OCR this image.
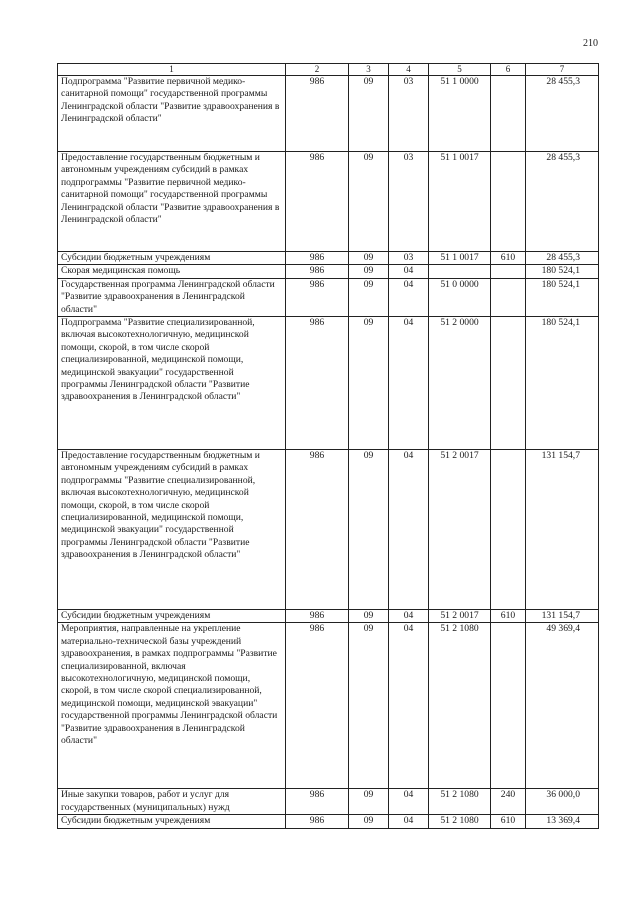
210
1	2	3	4	5	6	7
Подпрограмма "Развитие первичной медико-санитарной помощи" государственной программы Ленинградской области "Развитие здравоохранения в Ленинградской области"	986	09	03	51 1 0000		28 455,3
Предоставление государственным бюджетным и автономным учреждениям субсидий в рамках подпрограммы "Развитие первичной медико-санитарной помощи" государственной программы Ленинградской области "Развитие здравоохранения в Ленинградской области"	986	09	03	51 1 0017		28 455,3
Субсидии бюджетным учреждениям	986	09	03	51 1 0017	610	28 455,3
Скорая медицинская помощь	986	09	04			180 524,1
Государственная программа Ленинградской области "Развитие здравоохранения в Ленинградской области"	986	09	04	51 0 0000		180 524,1
Подпрограмма "Развитие специализированной, включая высокотехнологичную, медицинской помощи, скорой, в том числе скорой специализированной, медицинской помощи, медицинской эвакуации" государственной программы Ленинградской области "Развитие здравоохранения в Ленинградской области"	986	09	04	51 2 0000		180 524,1
Предоставление государственным бюджетным и автономным учреждениям субсидий в рамках подпрограммы "Развитие специализированной, включая высокотехнологичную, медицинской помощи, скорой, в том числе скорой специализированной, медицинской помощи, медицинской эвакуации" государственной программы Ленинградской области "Развитие здравоохранения в Ленинградской области"	986	09	04	51 2 0017		131 154,7
Субсидии бюджетным учреждениям	986	09	04	51 2 0017	610	131 154,7
Мероприятия, направленные на укрепление материально-технической базы учреждений здравоохранения, в рамках подпрограммы "Развитие специализированной, включая высокотехнологичную, медицинской помощи, скорой, в том числе скорой специализированной, медицинской помощи, медицинской эвакуации" государственной программы Ленинградской области "Развитие здравоохранения в Ленинградской области"	986	09	04	51 2 1080		49 369,4
Иные закупки товаров, работ и услуг для государственных (муниципальных) нужд	986	09	04	51 2 1080	240	36 000,0
Субсидии бюджетным учреждениям	986	09	04	51 2 1080	610	13 369,4
